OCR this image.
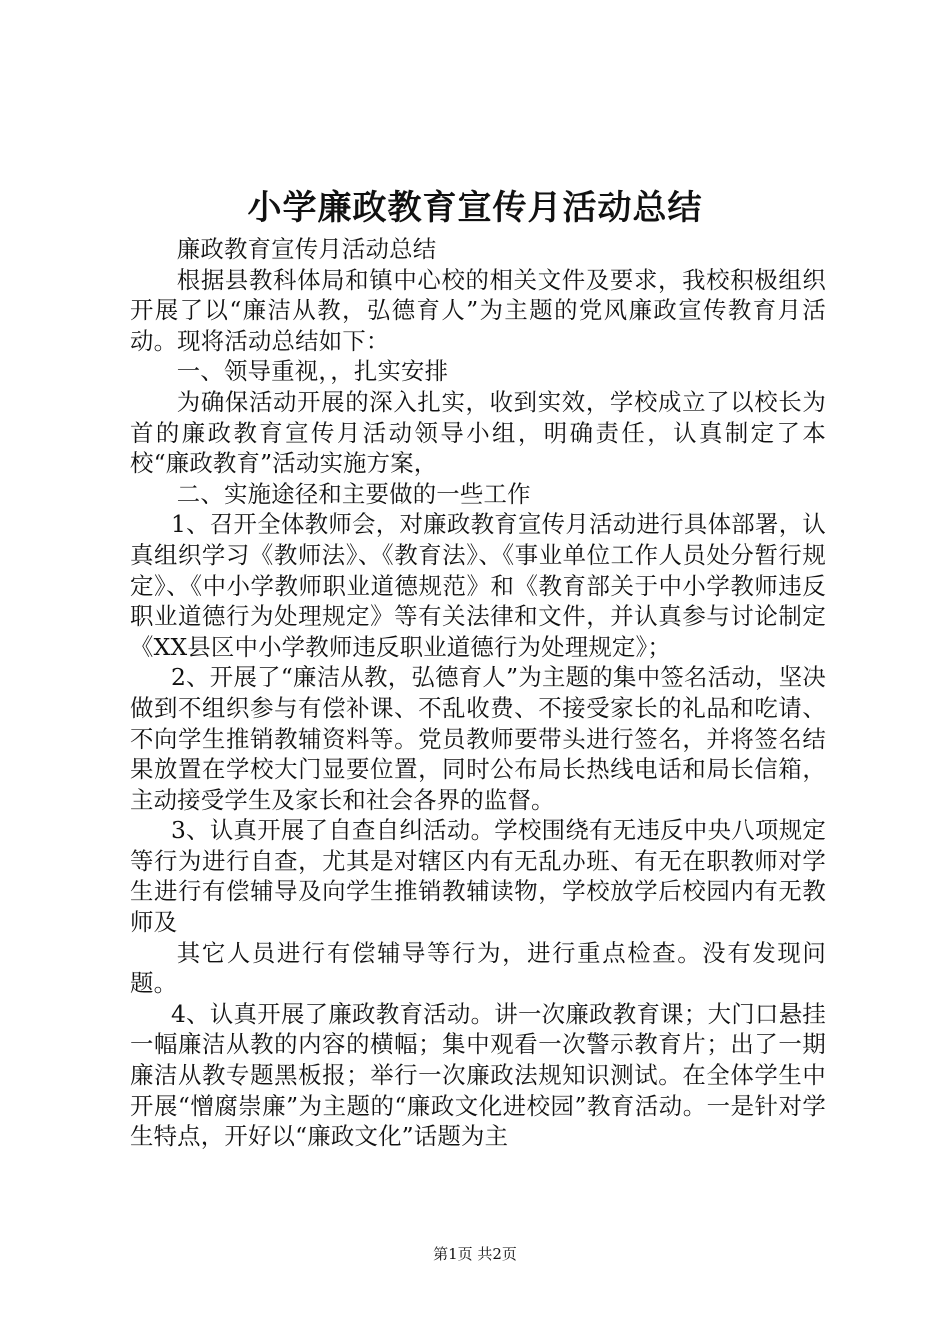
小学廉政教育宣传月活动总结

廉政教育宣传月活动总结

根据县教科体局和镇中心校的相关文件及要求，我校积极组织开展了以“廉洁从教，弘德育人”为主题的党风廉政宣传教育月活动。现将活动总结如下：

一、领导重视，，扎实安排

为确保活动开展的深入扎实，收到实效，学校成立了以校长为首的廉政教育宣传月活动领导小组，明确责任，认真制定了本校“廉政教育”活动实施方案，

二、实施途径和主要做的一些工作

1、召开全体教师会，对廉政教育宣传月活动进行具体部署，认真组织学习《教师法》、《教育法》、《事业单位工作人员处分暂行规定》、《中小学教师职业道德规范》和《教育部关于中小学教师违反职业道德行为处理规定》等有关法律和文件，并认真参与讨论制定《XX县区中小学教师违反职业道德行为处理规定》；

2、开展了“廉洁从教，弘德育人”为主题的集中签名活动，坚决做到不组织参与有偿补课、不乱收费、不接受家长的礼品和吃请、不向学生推销教辅资料等。党员教师要带头进行签名，并将签名结果放置在学校大门显要位置，同时公布局长热线电话和局长信箱，主动接受学生及家长和社会各界的监督。

3、认真开展了自查自纠活动。学校围绕有无违反中央八项规定等行为进行自查，尤其是对辖区内有无乱办班、有无在职教师对学生进行有偿辅导及向学生推销教辅读物，学校放学后校园内有无教师及

其它人员进行有偿辅导等行为，进行重点检查。没有发现问题。

4、认真开展了廉政教育活动。讲一次廉政教育课；大门口悬挂一幅廉洁从教的内容的横幅；集中观看一次警示教育片；出了一期廉洁从教专题黑板报；举行一次廉政法规知识测试。在全体学生中开展“憎腐崇廉”为主题的“廉政文化进校园”教育活动。一是针对学生特点，开好以“廉政文化”话题为主

第1页 共2页
